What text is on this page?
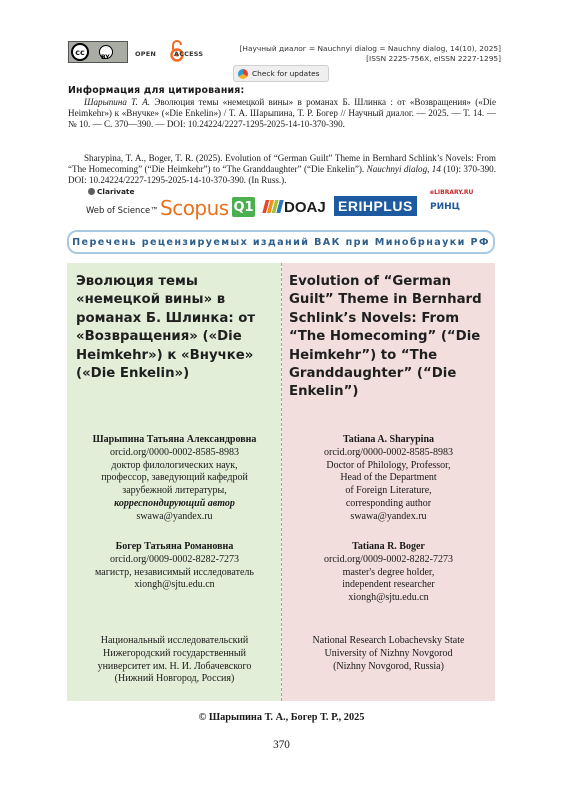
cc
BY	OPEN	ACCESS
[Научный диалог = Nauchnyi dialog = Nauchny dialog, 14(10), 2025]
[ISSN 2225-756X, eISSN 2227-1295]
Check for updates
Информация для цитирования:
Шарыпина Т. А. Эволюция темы «немецкой вины» в романах Б. Шлинка : от «Возвращения» («Die Heimkehr») к «Внучке» («Die Enkelin») / Т. А. Шарыпина, Т. Р. Богер // Научный диалог. — 2025. — Т. 14. — № 10. — С. 370—390. — DOI: 10.24224/2227-1295-2025-14-10-370-390.
Sharypina, T. A., Boger, T. R. (2025). Evolution of “German Guilt” Theme in Bernhard Schlink’s Novels: From “The Homecoming” (“Die Heimkehr”) to “The Granddaughter” (“Die Enkelin”). Nauchnyi dialog, 14 (10): 370-390. DOI: 10.24224/2227-1295-2025-14-10-370-390. (In Russ.).
Clarivate
Web of Science™ Scopus Q1	DOAJ ERIHPLUS
eLIBRARY.RU
РИНЦ
Перечень рецензируемых изданий ВАК при Минобрнауки РФ
Эволюция темы «немецкой вины» в романах Б. Шлинка: от «Возвращения» («Die Heimkehr») к «Внучке» («Die Enkelin»)
Evolution of “German Guilt” Theme in Bernhard Schlink’s Novels: From “The Homecoming” (“Die Heimkehr”) to “The Granddaughter” (“Die Enkelin”)
Шарыпина Татьяна Александровна
orcid.org/0000-0002-8585-8983
доктор филологических наук,
профессор, заведующий кафедрой
зарубежной литературы,
корреспондирующий автор
swawa@yandex.ru
Богер Татьяна Романовна
orcid.org/0009-0002-8282-7273
магистр, независимый исследователь
xiongh@sjtu.edu.cn
Национальный исследовательский
Нижегородский государственный
университет им. Н. И. Лобачевского
(Нижний Новгород, Россия)
Tatiana A. Sharypina
orcid.org/0000-0002-8585-8983
Doctor of Philology, Professor,
Head of the Department
of Foreign Literature,
corresponding author
swawa@yandex.ru
Tatiana R. Boger
orcid.org/0009-0002-8282-7273
master's degree holder,
independent researcher
xiongh@sjtu.edu.cn
National Research Lobachevsky State
University of Nizhny Novgorod
(Nizhny Novgorod, Russia)
© Шарыпина Т. А., Богер Т. Р., 2025
370
